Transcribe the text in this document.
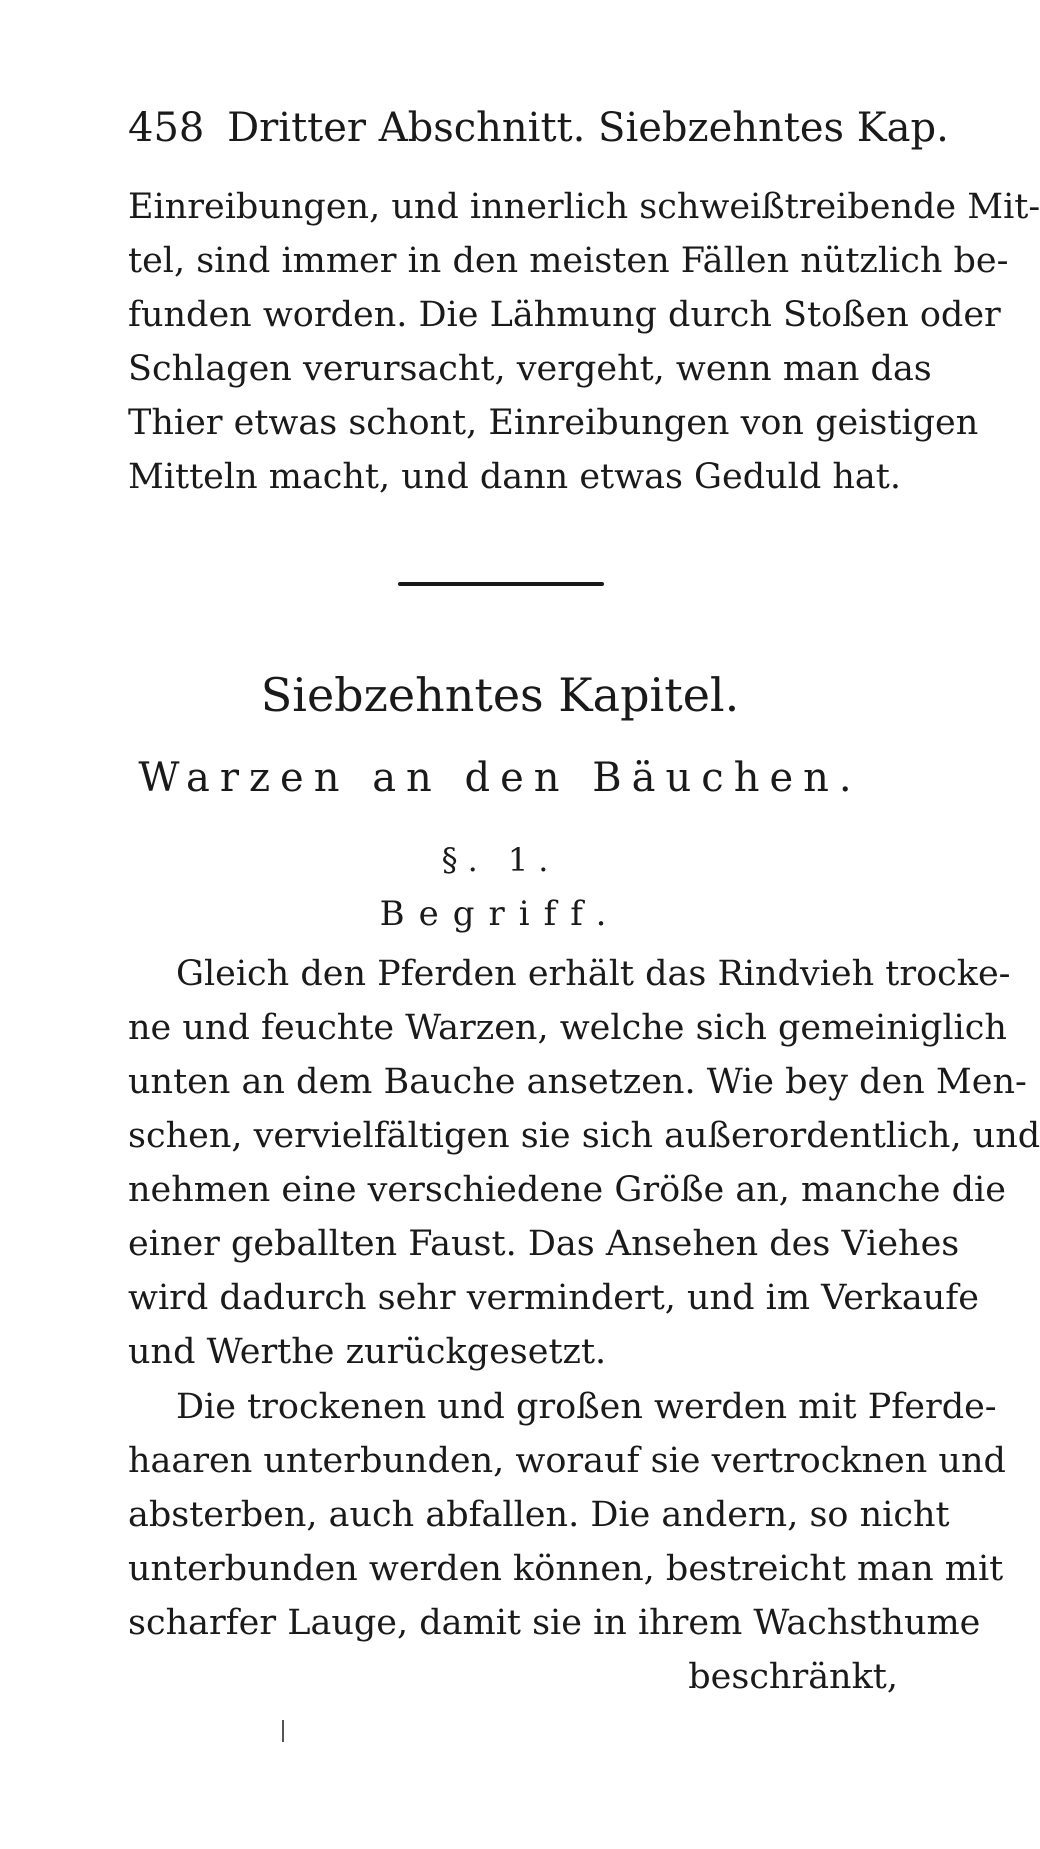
458 Dritter Abschnitt. Siebzehntes Kap.
Einreibungen, und innerlich schweißtreibende Mit-
tel, sind immer in den meisten Fällen nützlich be-
funden worden. Die Lähmung durch Stoßen oder
Schlagen verursacht, vergeht, wenn man das
Thier etwas schont, Einreibungen von geistigen
Mitteln macht, und dann etwas Geduld hat.
Siebzehntes Kapitel.
Warzen an den Bäuchen.
§. 1.
Begriff.
Gleich den Pferden erhält das Rindvieh trocke-
ne und feuchte Warzen, welche sich gemeiniglich
unten an dem Bauche ansetzen. Wie bey den Men-
schen, vervielfältigen sie sich außerordentlich, und
nehmen eine verschiedene Größe an, manche die
einer geballten Faust. Das Ansehen des Viehes
wird dadurch sehr vermindert, und im Verkaufe
und Werthe zurückgesetzt.
Die trockenen und großen werden mit Pferde-
haaren unterbunden, worauf sie vertrocknen und
absterben, auch abfallen. Die andern, so nicht
unterbunden werden können, bestreicht man mit
scharfer Lauge, damit sie in ihrem Wachsthume
beschränkt,
